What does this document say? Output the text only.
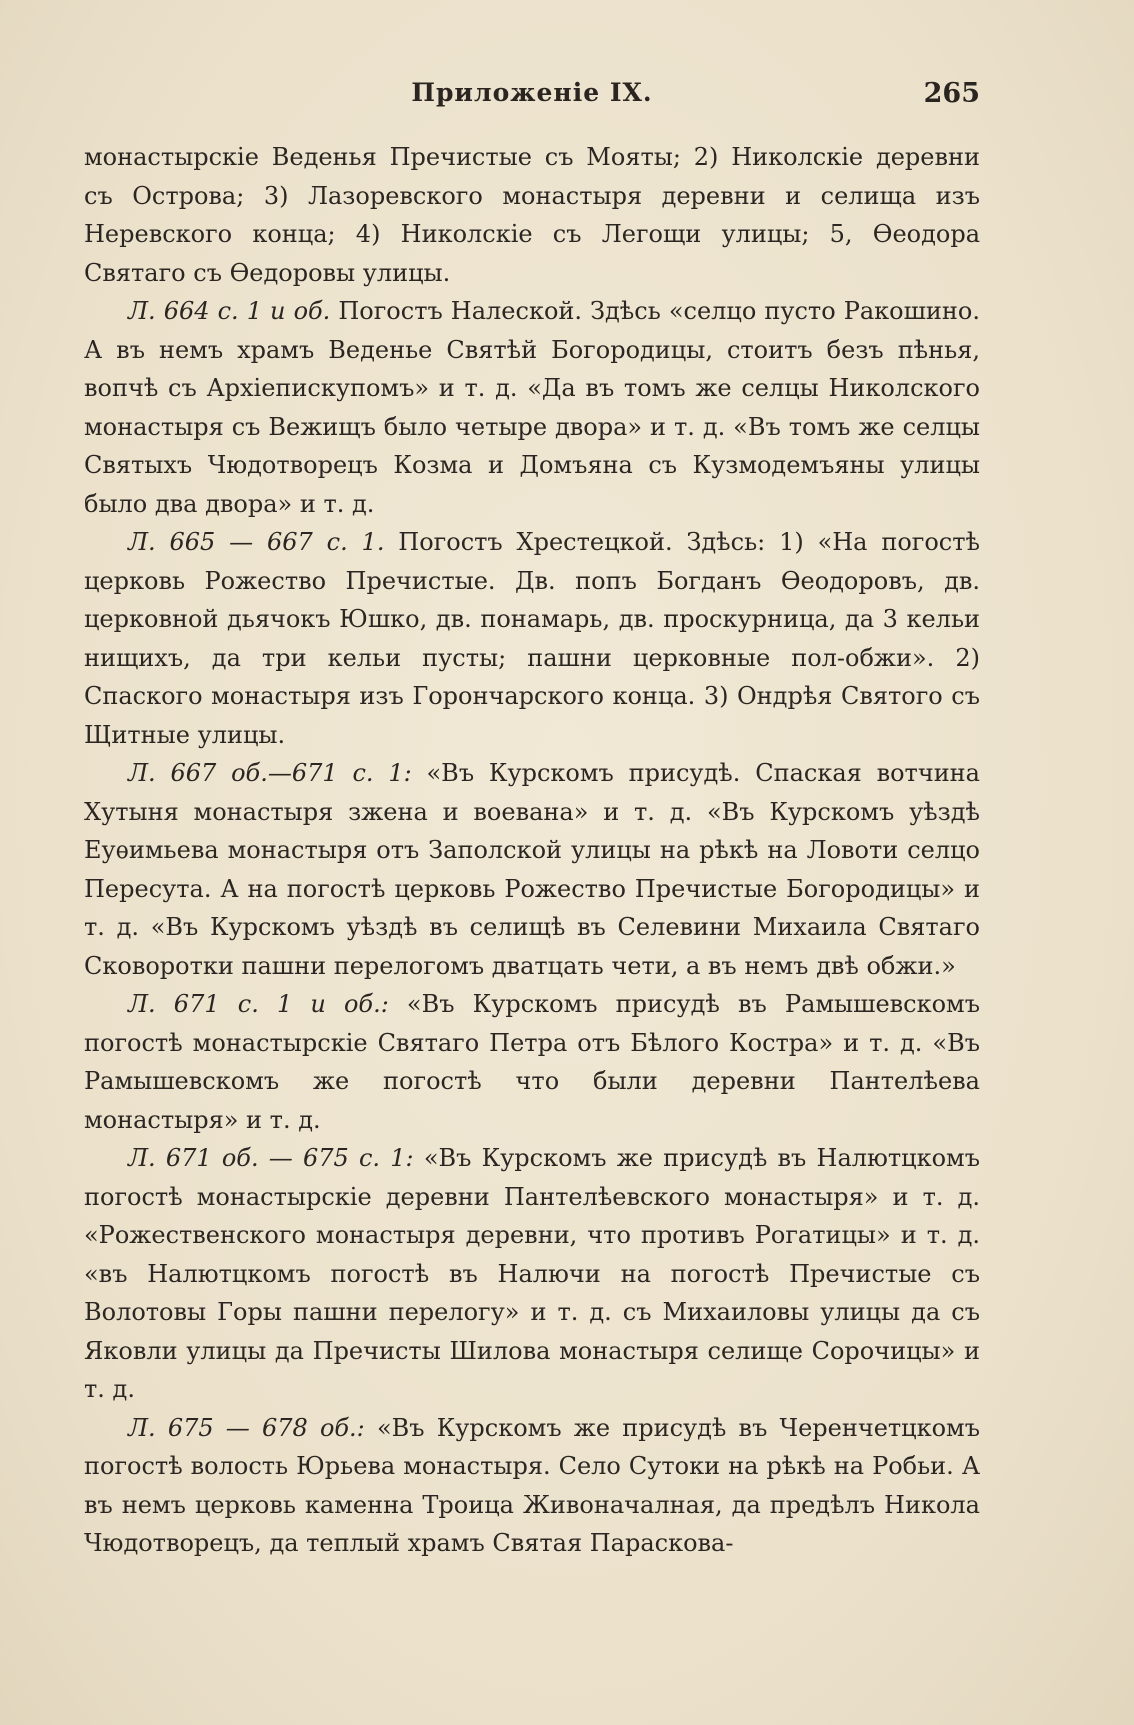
Приложеніе IX.	265

монастырскіе Веденья Пречистые съ Мояты; 2) Николскіе деревни съ Острова; 3) Лазоревского монастыря деревни и селища изъ Неревского конца; 4) Николскіе съ Легощи улицы; 5, Ѳеодора Святаго съ Ѳедоровы улицы.

Л. 664 с. 1 и об. Погостъ Налеской. Здѣсь «селцо пусто Ракошино. А въ немъ храмъ Веденье Святѣй Богородицы, стоитъ безъ пѣнья, вопчѣ съ Архіепискупомъ» и т. д. «Да въ томъ же селцы Николского монастыря съ Вежищъ было четыре двора» и т. д. «Въ томъ же селцы Святыхъ Чюдотворецъ Козма и Домъяна съ Кузмодемъяны улицы было два двора» и т. д.

Л. 665 — 667 с. 1. Погостъ Хрестецкой. Здѣсь: 1) «На погостѣ церковь Рожество Пречистые. Дв. попъ Богданъ Ѳеодоровъ, дв. церковной дьячокъ Юшко, дв. понамарь, дв. проскурница, да 3 кельи нищихъ, да три кельи пусты; пашни церковные пол-обжи». 2) Спаского монастыря изъ Горончарского конца. 3) Ондрѣя Святого съ Щитные улицы.

Л. 667 об.—671 с. 1: «Въ Курскомъ присудѣ. Спаская вотчина Хутыня монастыря зжена и воевана» и т. д. «Въ Курскомъ уѣздѣ Еуѳимьева монастыря отъ Заполской улицы на рѣкѣ на Ловоти селцо Пересута. А на погостѣ церковь Рожество Пречистые Богородицы» и т. д. «Въ Курскомъ уѣздѣ въ селищѣ въ Селевини Михаила Святаго Сковоротки пашни перелогомъ дватцать чети, а въ немъ двѣ обжи.»

Л. 671 с. 1 и об.: «Въ Курскомъ присудѣ въ Рамышевскомъ погостѣ монастырскіе Святаго Петра отъ Бѣлого Костра» и т. д. «Въ Рамышевскомъ же погостѣ что были деревни Пантелѣева монастыря» и т. д.

Л. 671 об. — 675 с. 1: «Въ Курскомъ же присудѣ въ Налютцкомъ погостѣ монастырскіе деревни Пантелѣевского монастыря» и т. д. «Рожественского монастыря деревни, что противъ Рогатицы» и т. д. «въ Налютцкомъ погостѣ въ Налючи на погостѣ Пречистые съ Волотовы Горы пашни перелогу» и т. д. съ Михаиловы улицы да съ Яковли улицы да Пречисты Шилова монастыря селище Сорочицы» и т. д.

Л. 675 — 678 об.: «Въ Курскомъ же присудѣ въ Черенчетцкомъ погостѣ волость Юрьева монастыря. Село Сутоки на рѣкѣ на Робьи. А въ немъ церковь каменна Троица Живоначалная, да предѣлъ Никола Чюдотворецъ, да теплый храмъ Святая Параскова-
